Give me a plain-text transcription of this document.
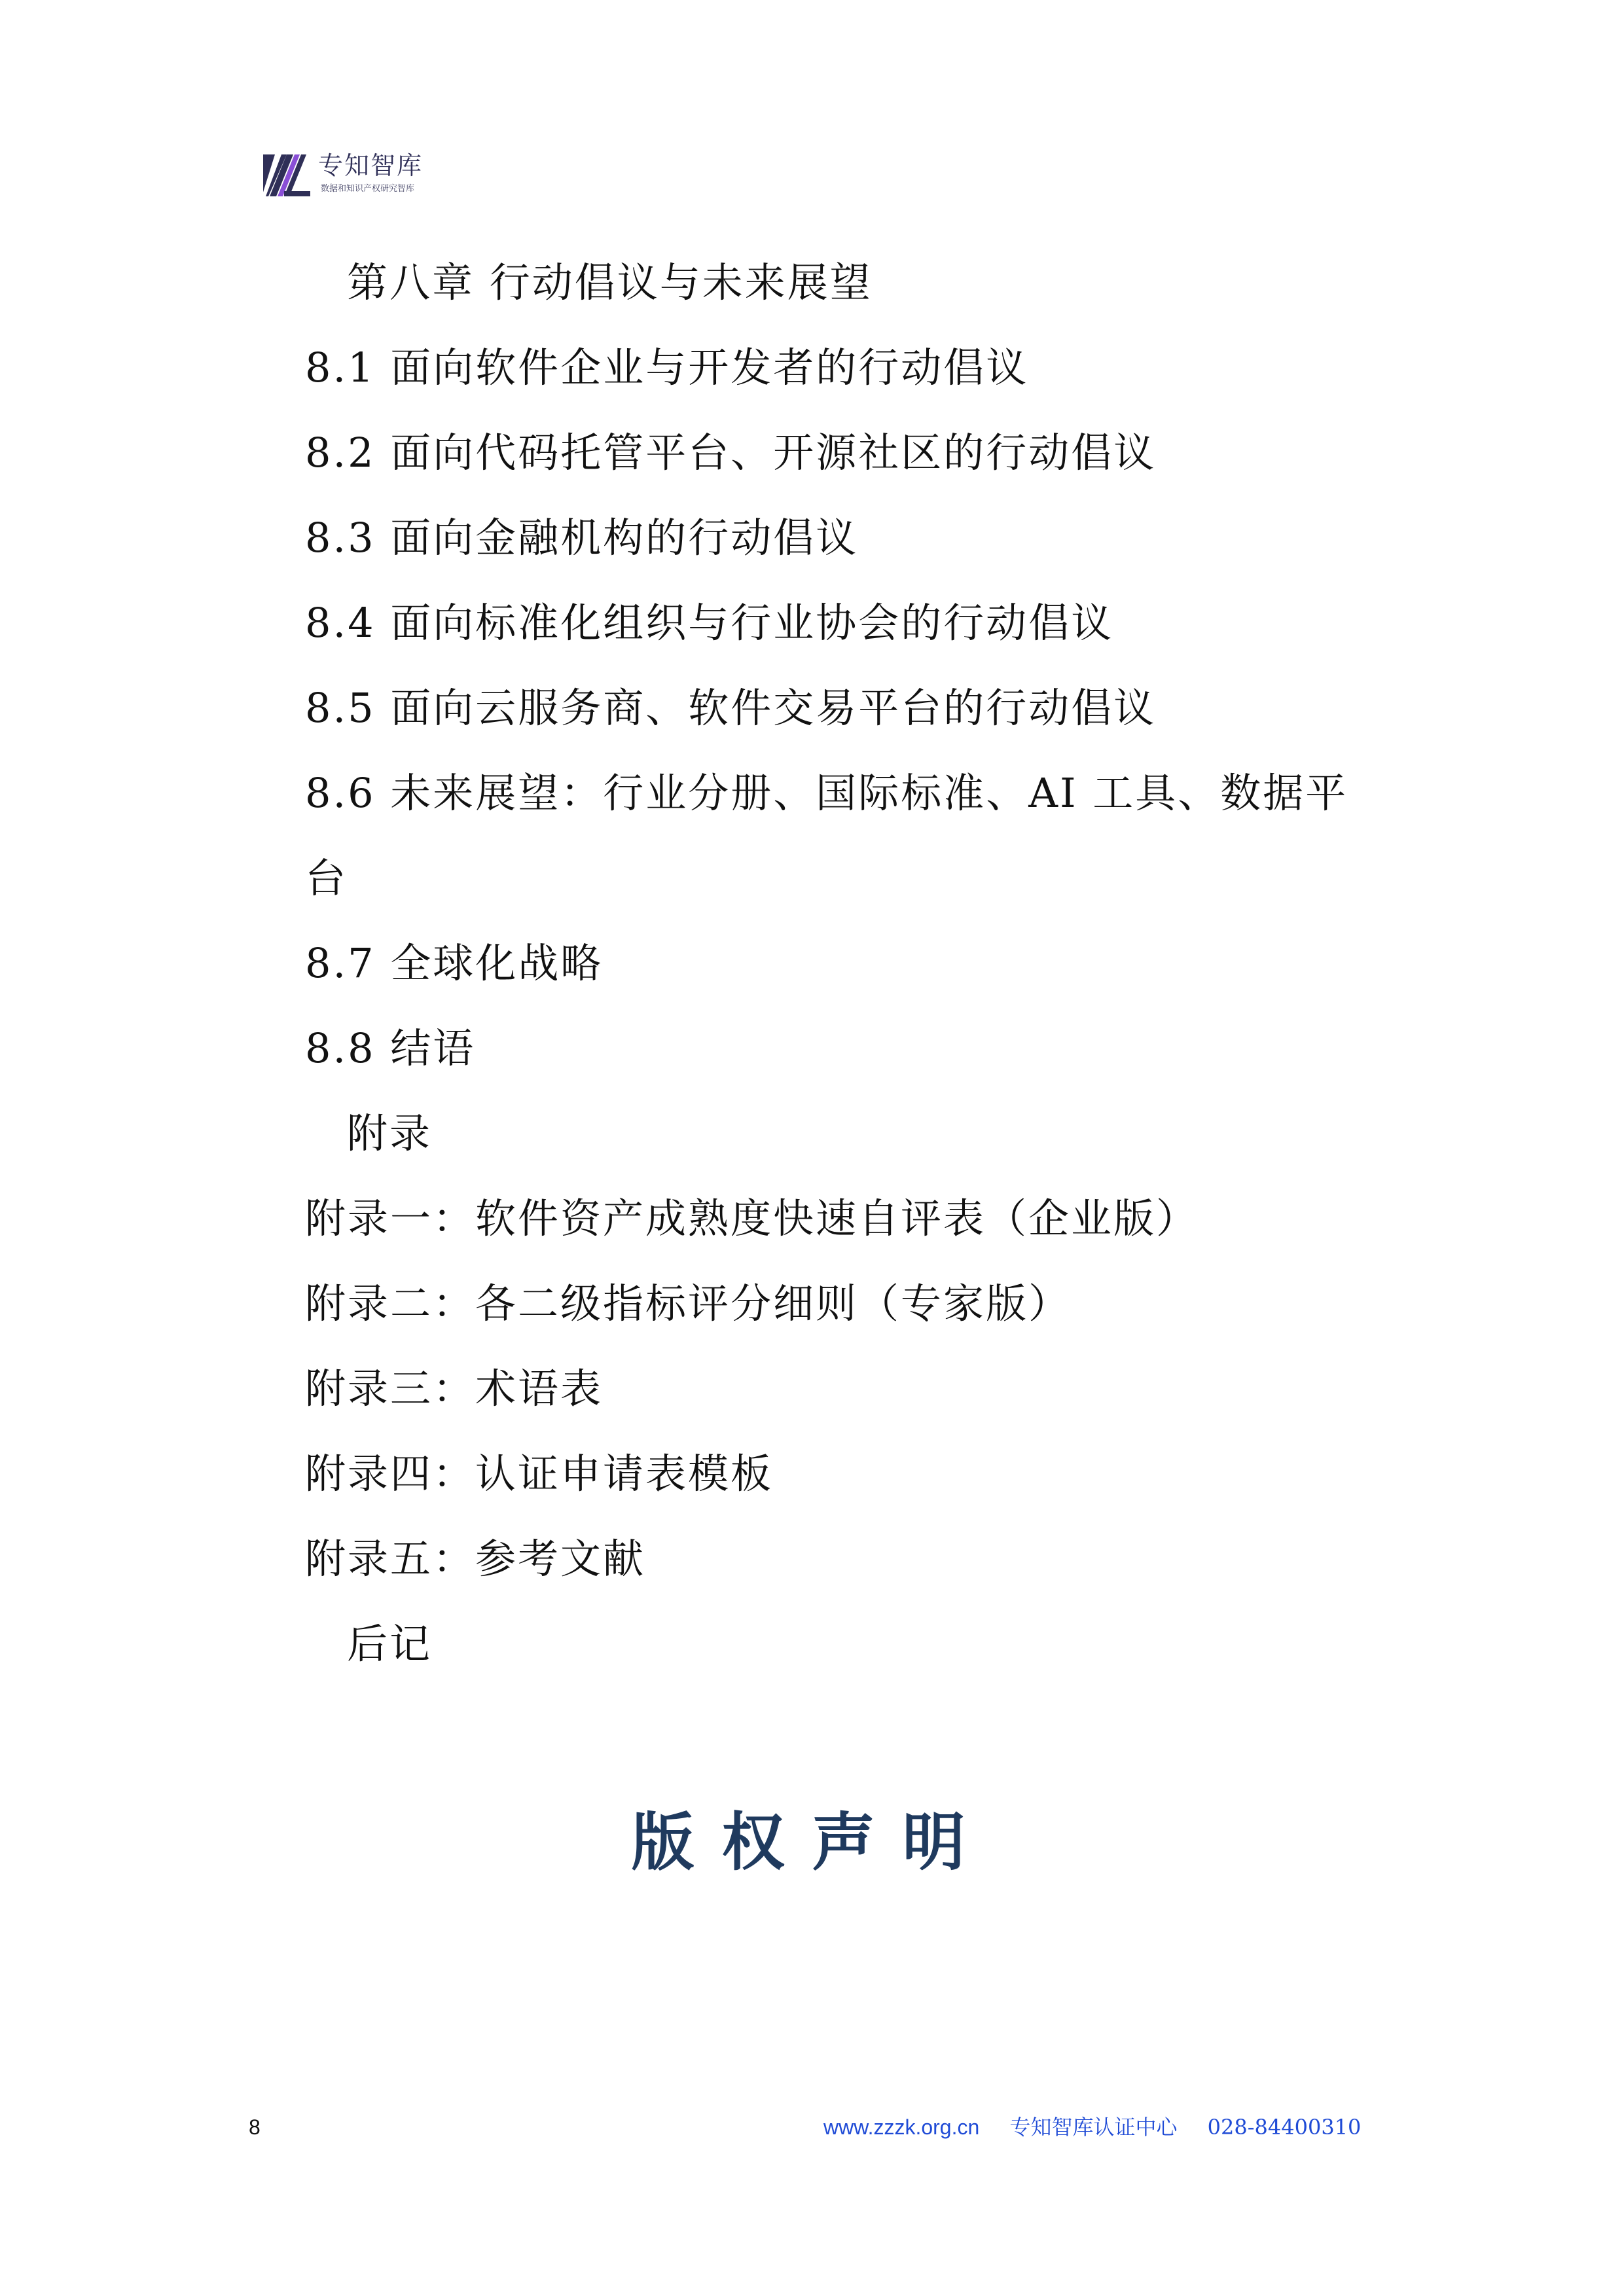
专知智库
数据和知识产权研究智库
第八章 行动倡议与未来展望
8.1 面向软件企业与开发者的行动倡议
8.2 面向代码托管平台、开源社区的行动倡议
8.3 面向金融机构的行动倡议
8.4 面向标准化组织与行业协会的行动倡议
8.5 面向云服务商、软件交易平台的行动倡议
8.6 未来展望：行业分册、国际标准、AI 工具、数据平
台
8.7 全球化战略
8.8 结语
附录
附录一：软件资产成熟度快速自评表（企业版）
附录二：各二级指标评分细则（专家版）
附录三：术语表
附录四：认证申请表模板
附录五：参考文献
后记
版权声明
8	www.zzzk.org.cn 专知智库认证中心 028-84400310
